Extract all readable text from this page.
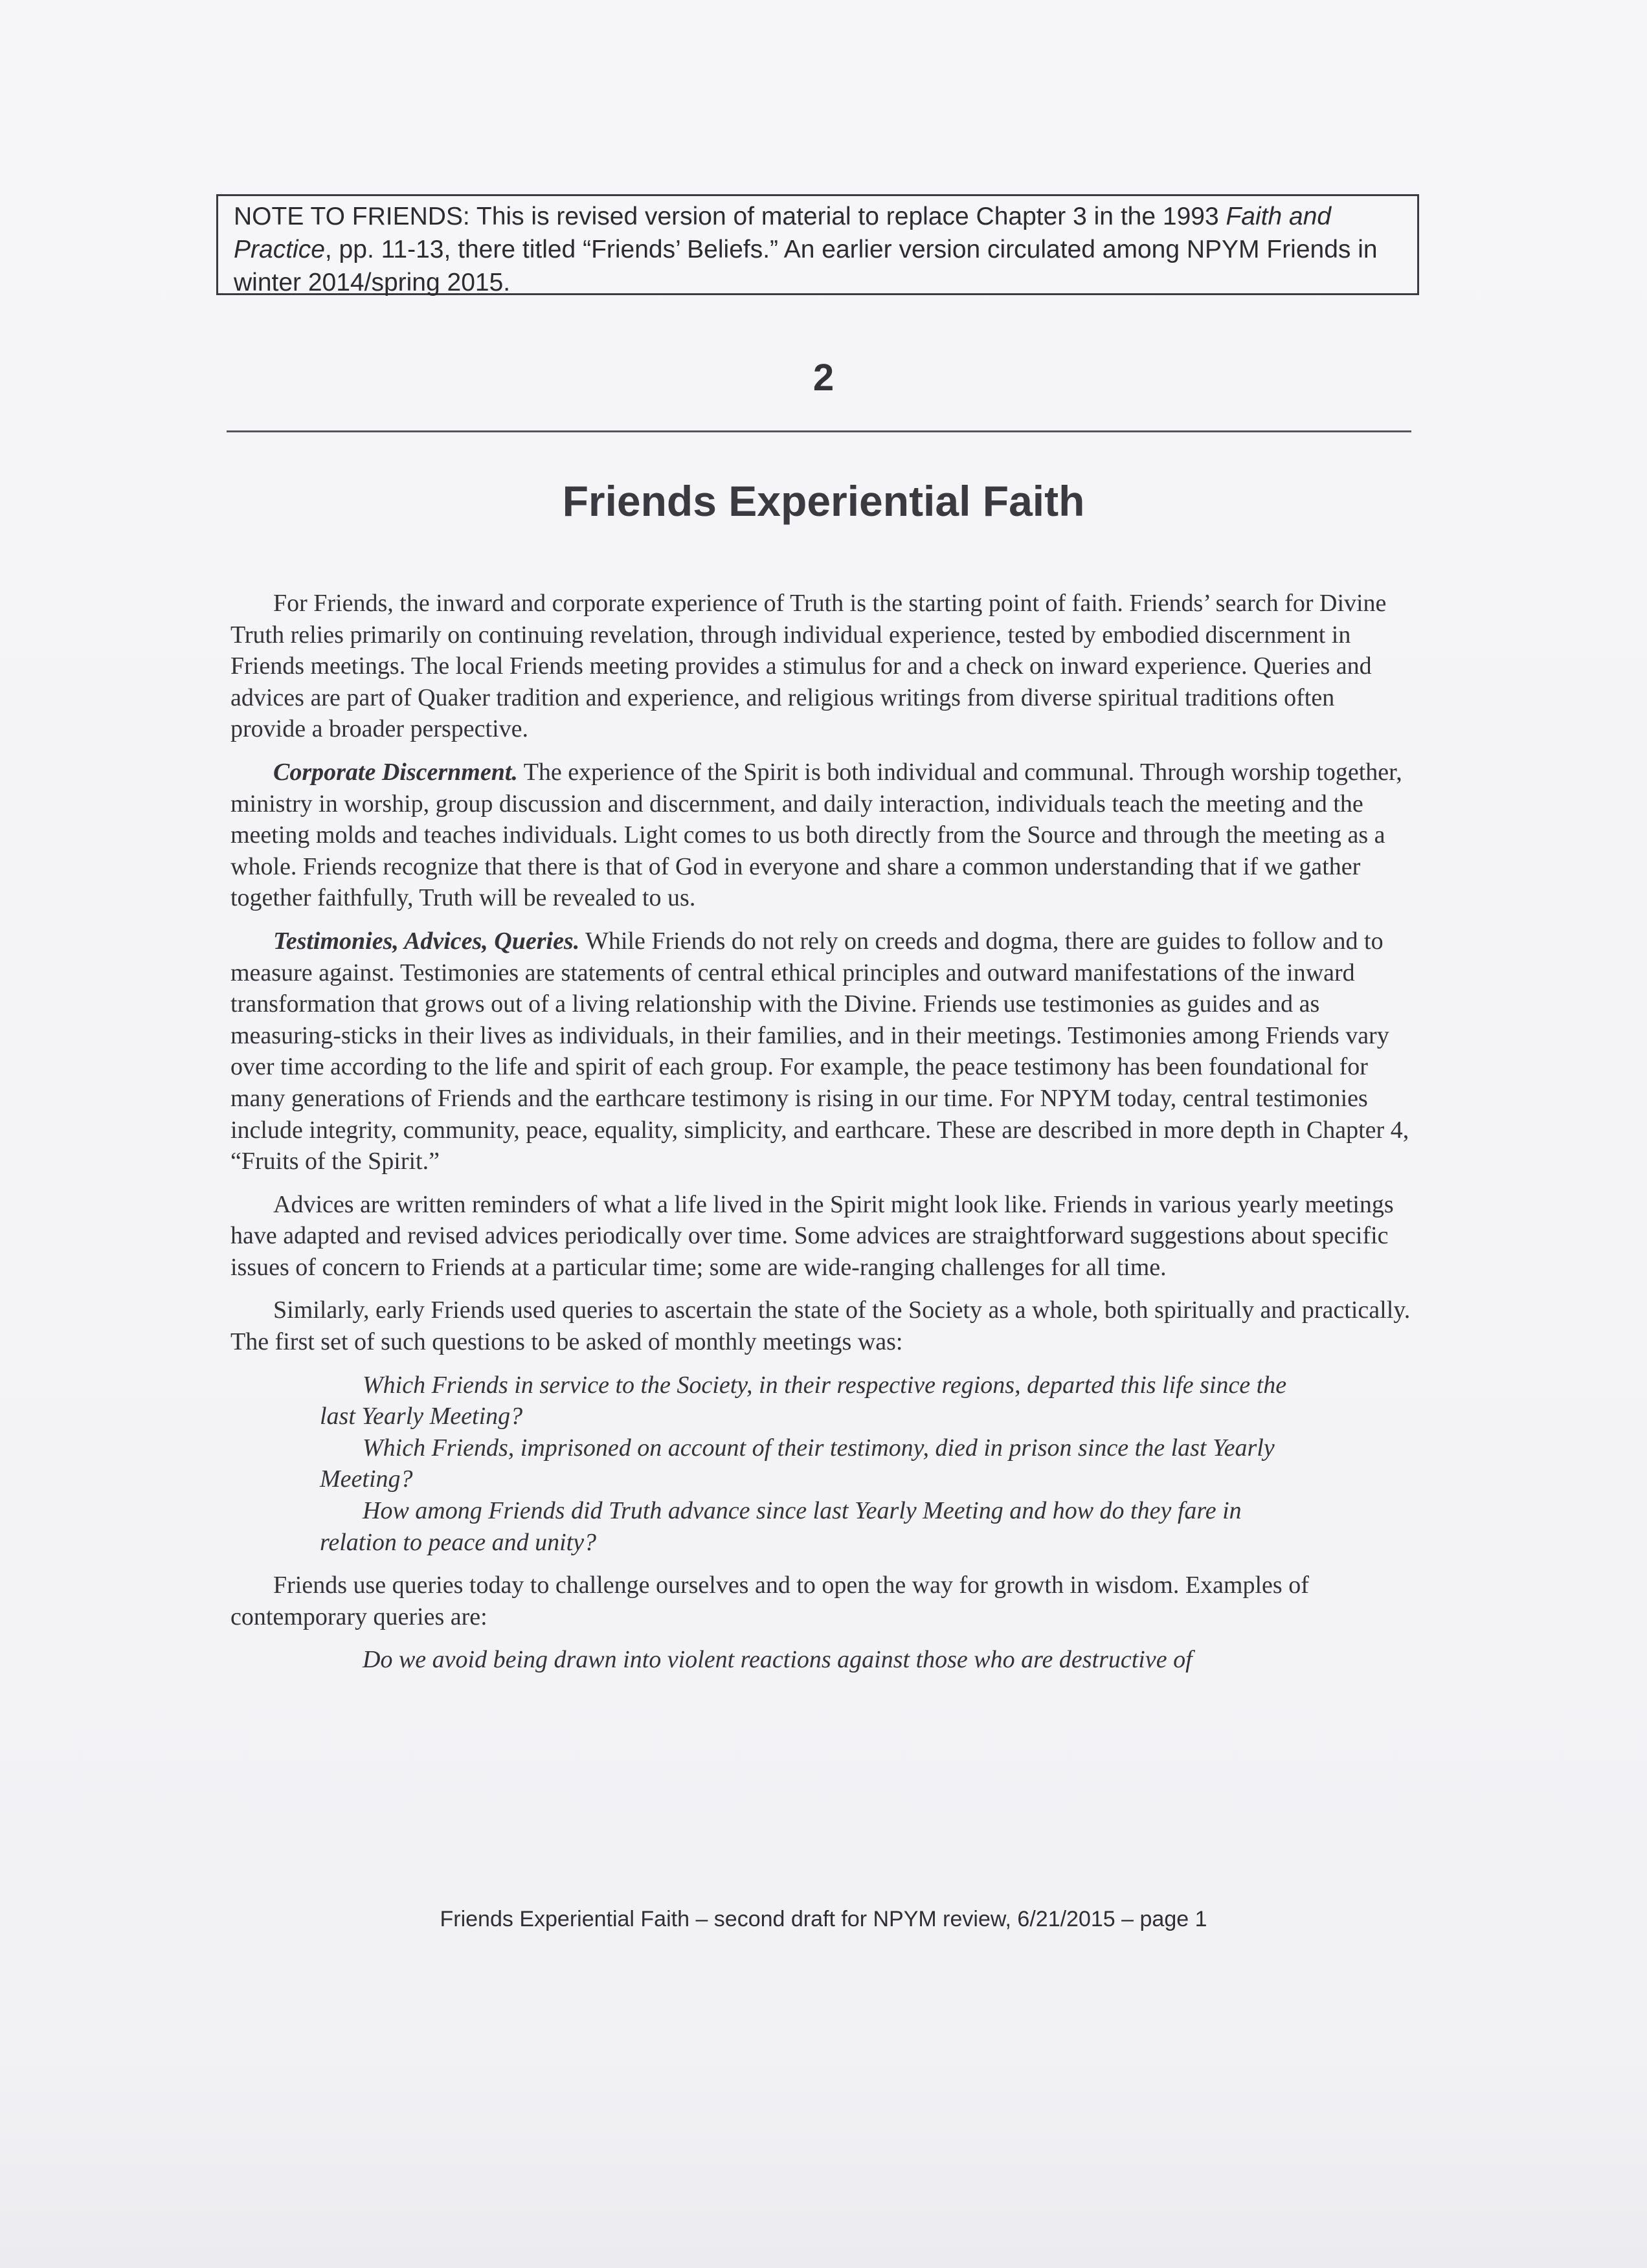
NOTE TO FRIENDS: This is revised version of material to replace Chapter 3 in the 1993 Faith and Practice, pp. 11-13, there titled “Friends’ Beliefs.” An earlier version circulated among NPYM Friends in winter 2014/spring 2015.
2
Friends Experiential Faith

For Friends, the inward and corporate experience of Truth is the starting point of faith. Friends’ search for Divine Truth relies primarily on continuing revelation, through individual experience, tested by embodied discernment in Friends meetings. The local Friends meeting provides a stimulus for and a check on inward experience. Queries and advices are part of Quaker tradition and experience, and religious writings from diverse spiritual traditions often provide a broader perspective.

Corporate Discernment. The experience of the Spirit is both individual and communal. Through worship together, ministry in worship, group discussion and discernment, and daily interaction, individuals teach the meeting and the meeting molds and teaches individuals. Light comes to us both directly from the Source and through the meeting as a whole. Friends recognize that there is that of God in everyone and share a common understanding that if we gather together faithfully, Truth will be revealed to us.

Testimonies, Advices, Queries. While Friends do not rely on creeds and dogma, there are guides to follow and to measure against. Testimonies are statements of central ethical principles and outward manifestations of the inward transformation that grows out of a living relationship with the Divine. Friends use testimonies as guides and as measuring-sticks in their lives as individuals, in their families, and in their meetings. Testimonies among Friends vary over time according to the life and spirit of each group. For example, the peace testimony has been foundational for many generations of Friends and the earthcare testimony is rising in our time. For NPYM today, central testimonies include integrity, community, peace, equality, simplicity, and earthcare. These are described in more depth in Chapter 4, “Fruits of the Spirit.”

Advices are written reminders of what a life lived in the Spirit might look like. Friends in various yearly meetings have adapted and revised advices periodically over time. Some advices are straightforward suggestions about specific issues of concern to Friends at a particular time; some are wide-ranging challenges for all time.

Similarly, early Friends used queries to ascertain the state of the Society as a whole, both spiritually and practically. The first set of such questions to be asked of monthly meetings was:

Which Friends in service to the Society, in their respective regions, departed this life since the last Yearly Meeting?
Which Friends, imprisoned on account of their testimony, died in prison since the last Yearly Meeting?
How among Friends did Truth advance since last Yearly Meeting and how do they fare in relation to peace and unity?

Friends use queries today to challenge ourselves and to open the way for growth in wisdom. Examples of contemporary queries are:

Do we avoid being drawn into violent reactions against those who are destructive of
Friends Experiential Faith – second draft for NPYM review, 6/21/2015 – page 1
